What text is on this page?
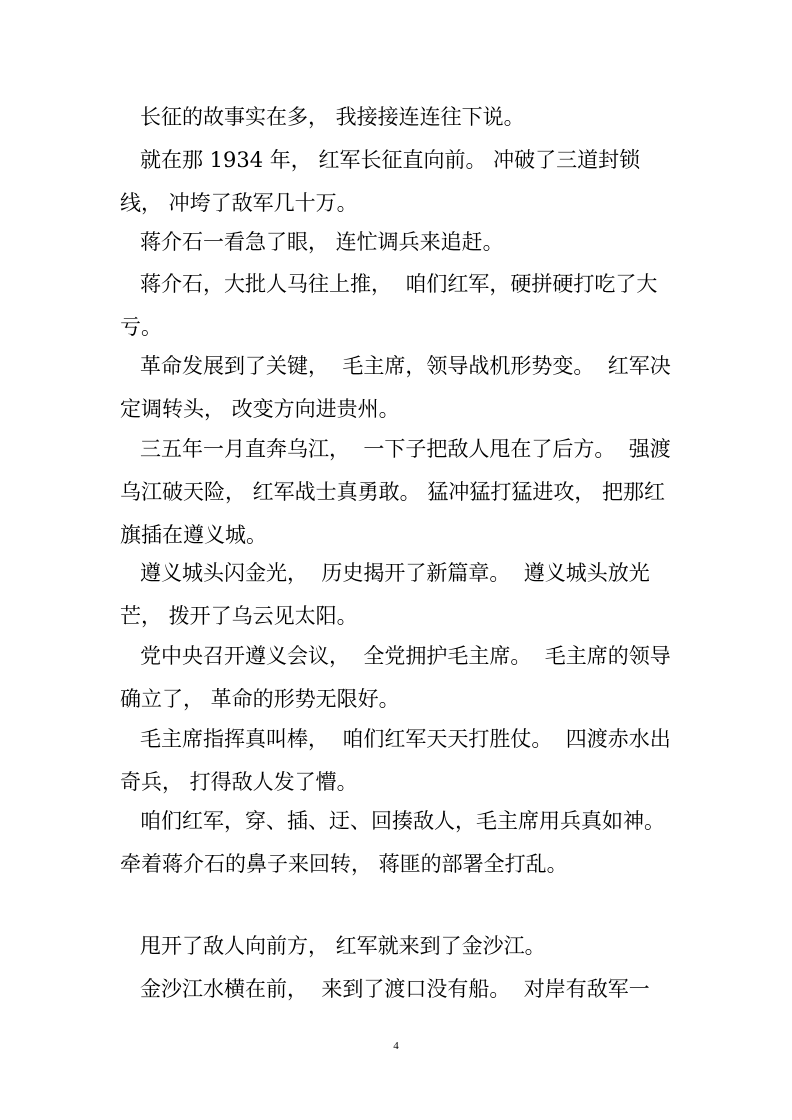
长征的故事实在多， 我接接连连往下说。

就在那 1934 年， 红军长征直向前。 冲破了三道封锁线， 冲垮了敌军几十万。

蒋介石一看急了眼， 连忙调兵来追赶。

蒋介石，大批人马往上推，  咱们红军，硬拼硬打吃了大亏。

革命发展到了关键，  毛主席，领导战机形势变。  红军决定调转头， 改变方向进贵州。

三五年一月直奔乌江，  一下子把敌人甩在了后方。  强渡乌江破天险， 红军战士真勇敢。 猛冲猛打猛进攻， 把那红旗插在遵义城。

遵义城头闪金光，  历史揭开了新篇章。  遵义城头放光芒， 拨开了乌云见太阳。

党中央召开遵义会议，  全党拥护毛主席。  毛主席的领导确立了， 革命的形势无限好。

毛主席指挥真叫棒，  咱们红军天天打胜仗。  四渡赤水出奇兵， 打得敌人发了懵。

咱们红军，穿、插、迂、回揍敌人，毛主席用兵真如神。 牵着蒋介石的鼻子来回转， 蒋匪的部署全打乱。

甩开了敌人向前方， 红军就来到了金沙江。

金沙江水横在前，  来到了渡口没有船。  对岸有敌军一

4
